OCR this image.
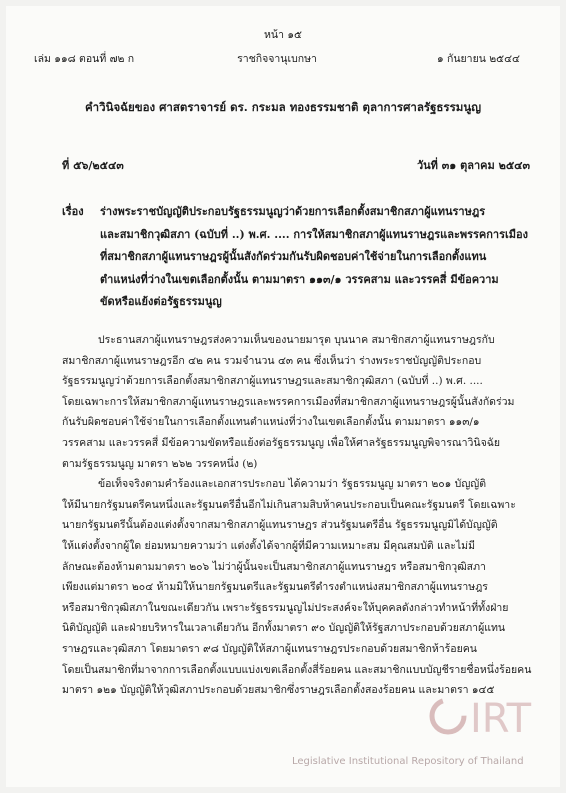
หน้า ๑๕
เล่ม ๑๑๘ ตอนที่ ๗๒ ก	ราชกิจจานุเบกษา	๑ กันยายน ๒๕๔๔
คำวินิจฉัยของ ศาสตราจารย์ ดร. กระมล ทองธรรมชาติ ตุลาการศาลรัฐธรรมนูญ
ที่ ๕๖/๒๕๔๓	วันที่ ๓๑ ตุลาคม ๒๕๔๓
เรื่อง ร่างพระราชบัญญัติประกอบรัฐธรรมนูญว่าด้วยการเลือกตั้งสมาชิกสภาผู้แทนราษฎร
และสมาชิกวุฒิสภา (ฉบับที่ ..) พ.ศ. .... การให้สมาชิกสภาผู้แทนราษฎรและพรรคการเมือง
ที่สมาชิกสภาผู้แทนราษฎรผู้นั้นสังกัดร่วมกันรับผิดชอบค่าใช้จ่ายในการเลือกตั้งแทน
ตำแหน่งที่ว่างในเขตเลือกตั้งนั้น ตามมาตรา ๑๑๓/๑ วรรคสาม และวรรคสี่ มีข้อความ
ขัดหรือแย้งต่อรัฐธรรมนูญ
ประธานสภาผู้แทนราษฎรส่งความเห็นของนายมารุต บุนนาค สมาชิกสภาผู้แทนราษฎรกับ
สมาชิกสภาผู้แทนราษฎรอีก ๔๒ คน รวมจำนวน ๔๓ คน ซึ่งเห็นว่า ร่างพระราชบัญญัติประกอบ
รัฐธรรมนูญว่าด้วยการเลือกตั้งสมาชิกสภาผู้แทนราษฎรและสมาชิกวุฒิสภา (ฉบับที่ ..) พ.ศ. ....
โดยเฉพาะการให้สมาชิกสภาผู้แทนราษฎรและพรรคการเมืองที่สมาชิกสภาผู้แทนราษฎรผู้นั้นสังกัดร่วม
กันรับผิดชอบค่าใช้จ่ายในการเลือกตั้งแทนตำแหน่งที่ว่างในเขตเลือกตั้งนั้น ตามมาตรา ๑๑๓/๑
วรรคสาม และวรรคสี่ มีข้อความขัดหรือแย้งต่อรัฐธรรมนูญ เพื่อให้ศาลรัฐธรรมนูญพิจารณาวินิจฉัย
ตามรัฐธรรมนูญ มาตรา ๒๖๒ วรรคหนึ่ง (๒)
ข้อเท็จจริงตามคำร้องและเอกสารประกอบ ได้ความว่า รัฐธรรมนูญ มาตรา ๒๐๑ บัญญัติ
ให้มีนายกรัฐมนตรีคนหนึ่งและรัฐมนตรีอื่นอีกไม่เกินสามสิบห้าคนประกอบเป็นคณะรัฐมนตรี โดยเฉพาะ
นายกรัฐมนตรีนั้นต้องแต่งตั้งจากสมาชิกสภาผู้แทนราษฎร ส่วนรัฐมนตรีอื่น รัฐธรรมนูญมิได้บัญญัติ
ให้แต่งตั้งจากผู้ใด ย่อมหมายความว่า แต่งตั้งได้จากผู้ที่มีความเหมาะสม มีคุณสมบัติ และไม่มี
ลักษณะต้องห้ามตามมาตรา ๒๐๖ ไม่ว่าผู้นั้นจะเป็นสมาชิกสภาผู้แทนราษฎร หรือสมาชิกวุฒิสภา
เพียงแต่มาตรา ๒๐๔ ห้ามมิให้นายกรัฐมนตรีและรัฐมนตรีดำรงตำแหน่งสมาชิกสภาผู้แทนราษฎร
หรือสมาชิกวุฒิสภาในขณะเดียวกัน เพราะรัฐธรรมนูญไม่ประสงค์จะให้บุคคลดังกล่าวทำหน้าที่ทั้งฝ่าย
นิติบัญญัติ และฝ่ายบริหารในเวลาเดียวกัน อีกทั้งมาตรา ๙๐ บัญญัติให้รัฐสภาประกอบด้วยสภาผู้แทน
ราษฎรและวุฒิสภา โดยมาตรา ๙๘ บัญญัติให้สภาผู้แทนราษฎรประกอบด้วยสมาชิกห้าร้อยคน
โดยเป็นสมาชิกที่มาจากการเลือกตั้งแบบแบ่งเขตเลือกตั้งสี่ร้อยคน และสมาชิกแบบบัญชีรายชื่อหนึ่งร้อยคน
มาตรา ๑๒๑ บัญญัติให้วุฒิสภาประกอบด้วยสมาชิกซึ่งราษฎรเลือกตั้งสองร้อยคน และมาตรา ๑๔๕
IRT
Legislative Institutional Repository of Thailand
